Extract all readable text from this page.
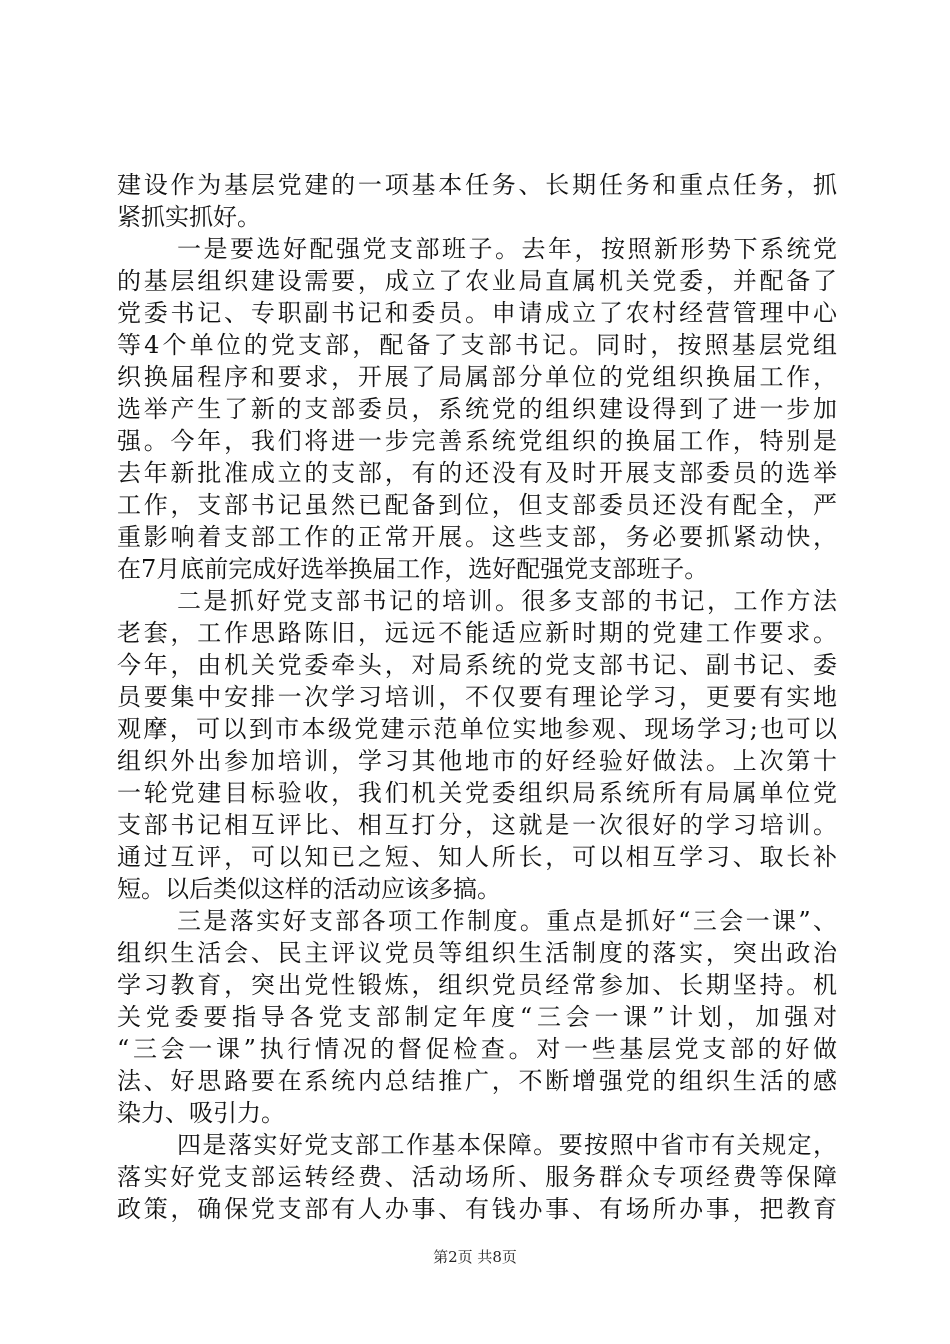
建设作为基层党建的一项基本任务、长期任务和重点任务，抓
紧抓实抓好。
一是要选好配强党支部班子。去年，按照新形势下系统党
的基层组织建设需要，成立了农业局直属机关党委，并配备了
党委书记、专职副书记和委员。申请成立了农村经营管理中心
等4个单位的党支部，配备了支部书记。同时，按照基层党组
织换届程序和要求，开展了局属部分单位的党组织换届工作，
选举产生了新的支部委员，系统党的组织建设得到了进一步加
强。今年，我们将进一步完善系统党组织的换届工作，特别是
去年新批准成立的支部，有的还没有及时开展支部委员的选举
工作，支部书记虽然已配备到位，但支部委员还没有配全，严
重影响着支部工作的正常开展。这些支部，务必要抓紧动快，
在7月底前完成好选举换届工作，选好配强党支部班子。
二是抓好党支部书记的培训。很多支部的书记，工作方法
老套，工作思路陈旧，远远不能适应新时期的党建工作要求。
今年，由机关党委牵头，对局系统的党支部书记、副书记、委
员要集中安排一次学习培训，不仅要有理论学习，更要有实地
观摩，可以到市本级党建示范单位实地参观、现场学习;也可以
组织外出参加培训，学习其他地市的好经验好做法。上次第十
一轮党建目标验收，我们机关党委组织局系统所有局属单位党
支部书记相互评比、相互打分，这就是一次很好的学习培训。
通过互评，可以知已之短、知人所长，可以相互学习、取长补
短。以后类似这样的活动应该多搞。
三是落实好支部各项工作制度。重点是抓好“三会一课”、
组织生活会、民主评议党员等组织生活制度的落实，突出政治
学习教育，突出党性锻炼，组织党员经常参加、长期坚持。机
关党委要指导各党支部制定年度“三会一课”计划，加强对
“三会一课”执行情况的督促检查。对一些基层党支部的好做
法、好思路要在系统内总结推广，不断增强党的组织生活的感
染力、吸引力。
四是落实好党支部工作基本保障。要按照中省市有关规定，
落实好党支部运转经费、活动场所、服务群众专项经费等保障
政策，确保党支部有人办事、有钱办事、有场所办事，把教育
第2页 共8页
